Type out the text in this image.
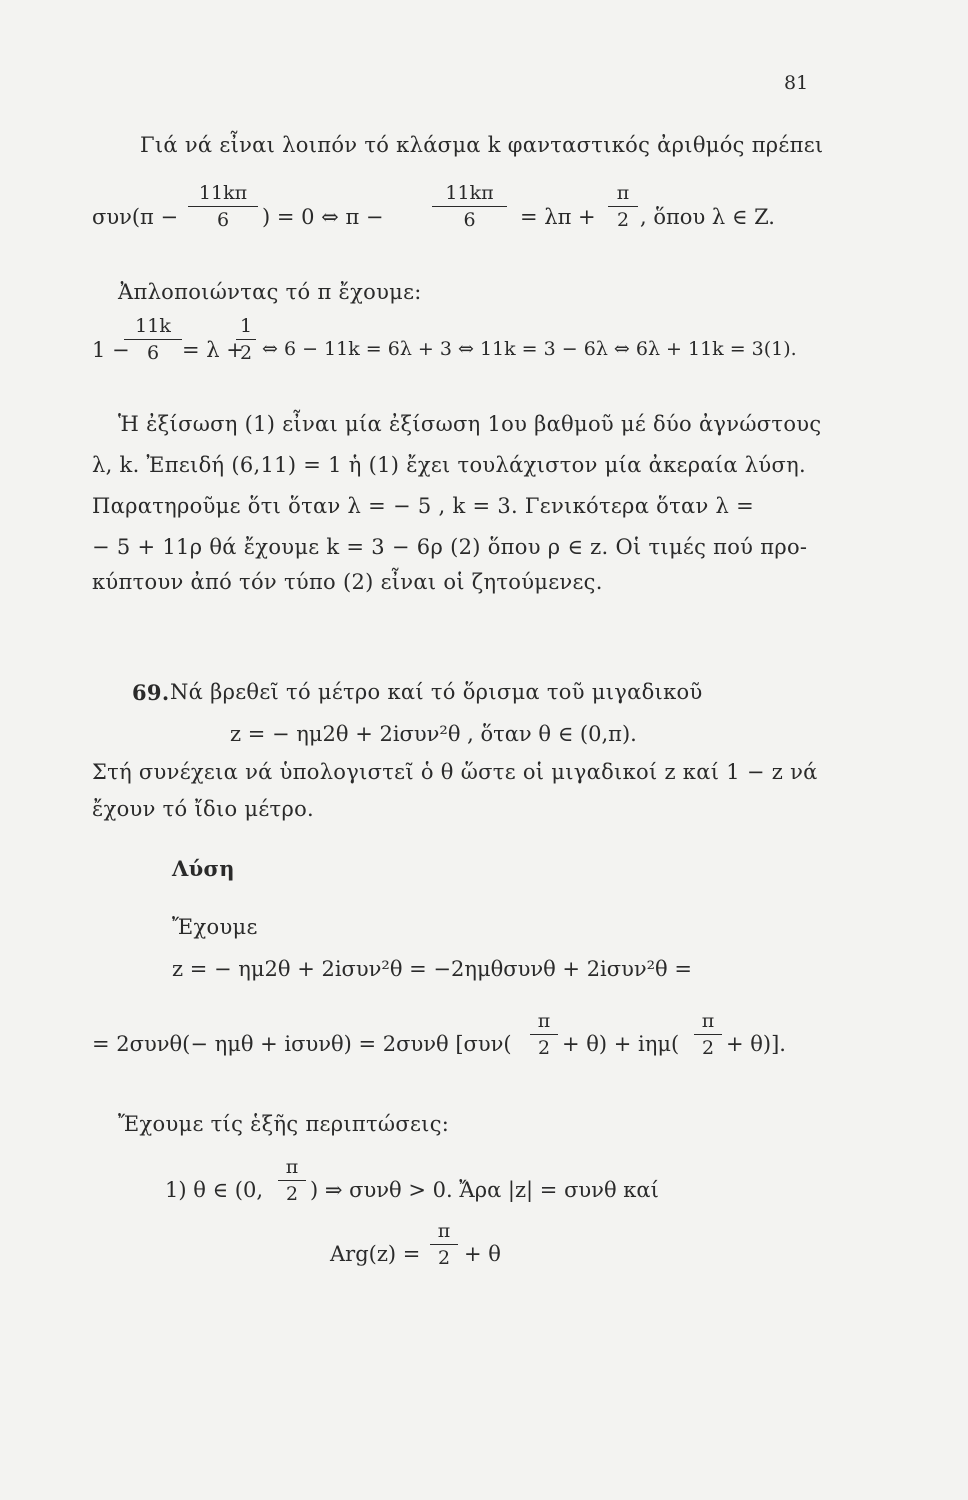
81
Γιά νά εἶναι λοιπόν τό κλάσμα k φανταστικός ἀριθμός πρέπει
συν(π −
11kπ
6	) = 0 ⇔ π −
11kπ
6	= λπ +
π
2 , ὅπου λ ∈ Z.
Ἀπλοποιώντας τό π ἔχουμε:
1 −
11k
6	= λ +
1
2 ⇔ 6 − 11k = 6λ + 3 ⇔ 11k = 3 − 6λ ⇔ 6λ + 11k = 3(1).
Ἡ ἐξίσωση (1) εἶναι μία ἐξίσωση 1ου βαθμοῦ μέ δύο ἀγνώστους
λ, k. Ἐπειδή (6,11) = 1 ἡ (1) ἔχει τουλάχιστον μία ἀκεραία λύση.
Παρατηροῦμε ὅτι ὅταν λ = − 5 , k = 3. Γενικότερα ὅταν λ =
− 5 + 11ρ θά ἔχουμε k = 3 − 6ρ (2) ὅπου ρ ∈ z. Οἱ τιμές πού προ-
κύπτουν ἀπό τόν τύπο (2) εἶναι οἱ ζητούμενες.
69. Νά βρεθεῖ τό μέτρο καί τό ὅρισμα τοῦ μιγαδικοῦ
z = − ημ2θ + 2iσυν²θ , ὅταν θ ∈ (0,π).
Στή συνέχεια νά ὑπολογιστεῖ ὁ θ ὥστε οἱ μιγαδικοί z καί 1 − z νά
ἔχουν τό ἴδιο μέτρο.
Λύση
Ἔχουμε
z = − ημ2θ + 2iσυν²θ = −2ημθσυνθ + 2iσυν²θ =
= 2συνθ(− ημθ + iσυνθ) = 2συνθ [συν(
π
2 + θ) + iημ(
π
2 + θ)].
Ἔχουμε τίς ἑξῆς περιπτώσεις:
1) θ ∈ (0,
π
2 ) ⇒ συνθ > 0. Ἄρα |z| = συνθ καί
Arg(z) =
π
2 + θ
